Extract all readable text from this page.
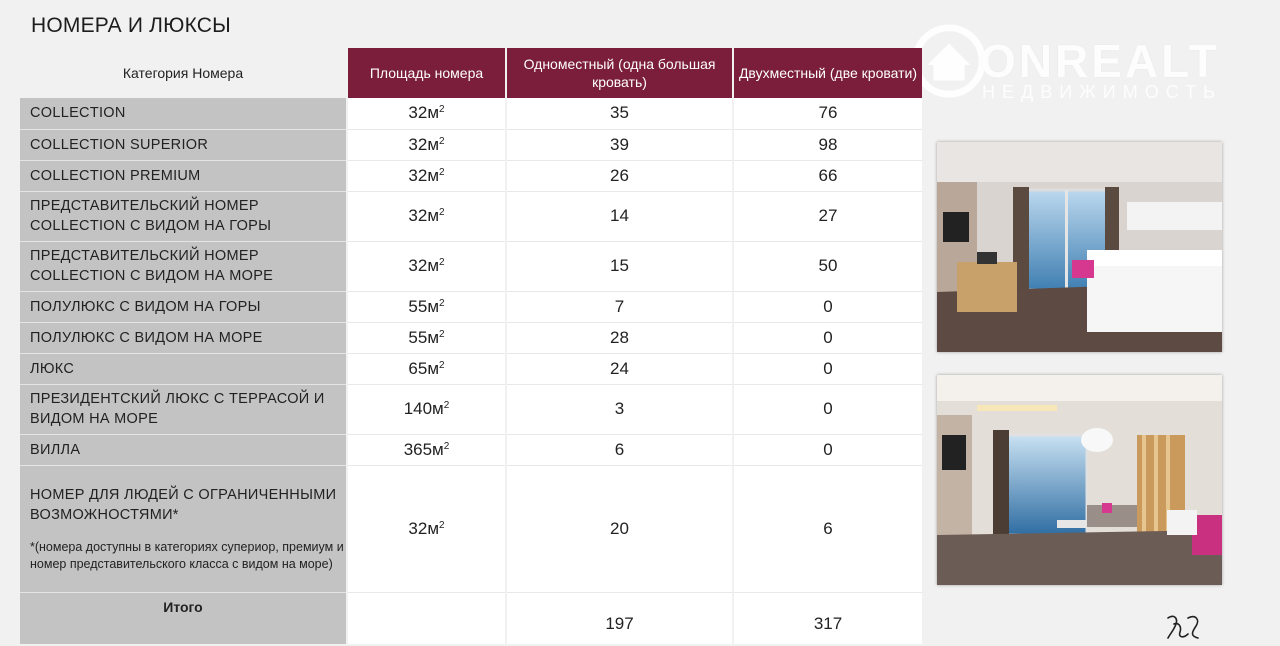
НОМЕРА И ЛЮКСЫ
ONREALT
НЕДВИЖИМОСТЬ
Категория Номера	Площадь номера	Одноместный (одна большая кровать)	Двухместный (две кровати)
COLLECTION	$32м^2$	35	76
COLLECTION SUPERIOR	$32м^2$	39	98
COLLECTION PREMIUM	$32м^2$	26	66
ПРЕДСТАВИТЕЛЬСКИЙ НОМЕР COLLECTION С ВИДОМ НА ГОРЫ	$32м^2$	14	27
ПРЕДСТАВИТЕЛЬСКИЙ НОМЕР COLLECTION С ВИДОМ НА МОРЕ	$32м^2$	15	50
ПОЛУЛЮКС С ВИДОМ НА ГОРЫ	$55м^2$	7	0
ПОЛУЛЮКС С ВИДОМ НА МОРЕ	$55м^2$	28	0
ЛЮКС	$65м^2$	24	0
ПРЕЗИДЕНТСКИЙ ЛЮКС С ТЕРРАСОЙ И ВИДОМ НА МОРЕ	$140м^2$	3	0
ВИЛЛА	$365м^2$	6	0
НОМЕР ДЛЯ ЛЮДЕЙ С ОГРАНИЧЕННЫМИ ВОЗМОЖНОСТЯМИ*
*(номера доступны в категориях супериор, премиум и номер представительского класса с видом на море)	$32м^2$	20	6
Итого		197	317
